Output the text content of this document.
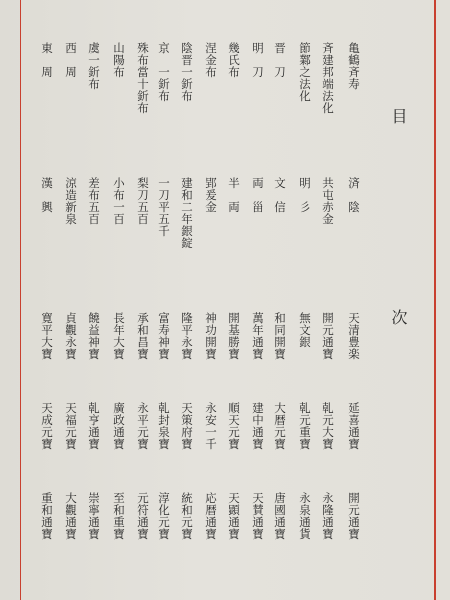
目 次
亀鶴斉寿
済　陰
天清豊楽
延喜通寶
開元通寶
斉建邦端法化
共屯赤金
開元通寶
乹元大寶
永隆通寶
節鄴之法化
明　彡
無文銀
乹元重寶
永泉通貨
晋　刀
文　信
和同開寶
大暦元寶
唐國通寶
明　刀
両　甾
萬年通寶
建中通寶
天賛通寶
幾氏布
半　両
開基勝寶
順天元寶
天顕通寶
涅金布
郢爰金
神功開寶
永安一千
応暦通寶
陰晋一釿布
建和二年銀錠
隆平永寶
天策府寶
統和元寶
京　一釿布
一刀平五千
富寿神寶
乹封泉寶
淳化元寶
殊布當十釿布
梨刀五百
承和昌寶
永平元寶
元符通寶
山陽布
小布一百
長年大寶
廣政通寶
至和重寶
虞一釿布
差布五百
饒益神寶
乹亨通寶
崇寧通寶
西　周
涼造新泉
貞觀永寶
天福元寶
大觀通寶
東　周
漢　興
寛平大寶
天成元寶
重和通寶
